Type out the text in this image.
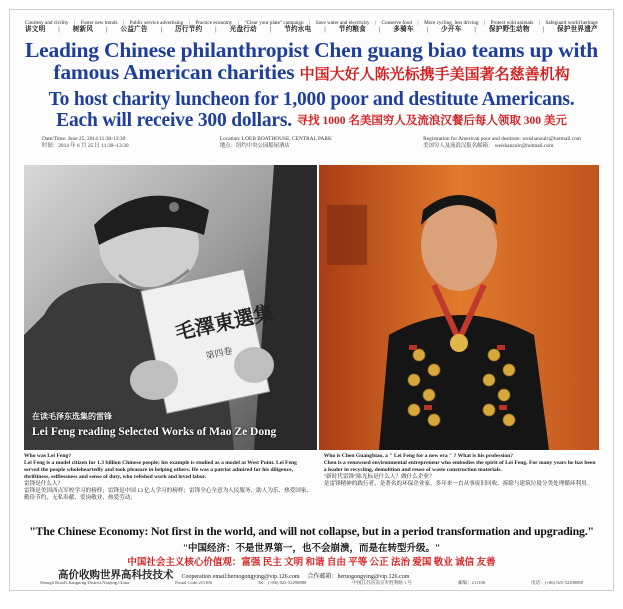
Courtesy and civility | Foster new trends | Public service advertising | Practice economy | "Clear your plate" campaign | Save water and electricity | Conserve food | More cycling, less driving | Protect wild animals | Safeguard world heritage
讲文明 | 树新风 | 公益广告 | 厉行节约 | 光盘行动 | 节约水电 | 节约粮食 | 多骑车 | 少开车 | 保护野生动物 | 保护世界遗产
Leading Chinese philanthropist Chen guang biao teams up with famous American charities 中国大好人陈光标携手美国著名慈善机构
To host charity luncheon for 1,000 poor and destitute Americans.
Each will receive 300 dollars. 寻找 1000 名美国穷人及流浪汉餐后每人领取 300 美元
Date/Time: June 25, 2014 11:30-13:30
时间：2014 年 6 月 25 日 11:30~13:30
Location: LOEB BOATHOUSE, CENTRAL PARK
地点：纽约中央公园船屋酒店
Registration for American poor and destitute: weishanzulc@hotmail.com
美国穷人及流浪汉报名邮箱： weishanzulc@hotmail.com
毛澤東選集
第四卷
在读毛泽东选集的雷锋
Lei Feng reading Selected Works of Mao Ze Dong
Who was Lei Feng?
Lei Feng is a model citizen for 1.3 billion Chinese people; his example is studied as a model at West Point. Lei Feng served the people wholeheartedly and took pleasure in helping others. He was a patriot admired for his diligence, thriftiness, selflessness and sense of duty, who relished work and loved labor.
雷锋是什么人？
雷锋是美国西点军校学习的榜样；雷锋是中国 13 亿人学习的榜样；雷锋全心全意为人民服务、助人为乐、热爱国家、勤俭节约、无私奉献、爱岗敬业、热爱劳动。
Who is Chen Guangbiao, a " Lei Feng for a new era " ? What is his profession?
Chen is a renowned environmental entrepreneur who embodies the spirit of Lei Feng. For many years he has been a leader in recycling, demolition and reuse of waste construction materials.
"新时代雷锋"陈光标是什么人？做什么企业？
是雷锋精神的践行者、是著名的环保企业家、多年来一直从事废旧回收、拆除与建筑垃圾分类处理循环利用。
"The Chinese Economy: Not first in the world, and will not collapse, but in a period transformation and upgrading."
"中国经济：不是世界第一，也不会崩溃，而是在转型升级。"
中国社会主义核心价值观：富强 民主 文明 和谐 自由 平等 公正 法治 爱国 敬业 诚信 友善
高价收购世界高科技技术 Cooperation email:heruogongying@vip.126.com 合作邮箱：heruogongying@vip.126.com
Shengli Road1,Jiangning District,Nanjing,China	Postal Code:211106	Tel：(+86) 025-52298888	中国江苏省南京市胜利路 1 号	邮编：211106	电话：(+86) 025-52298888
